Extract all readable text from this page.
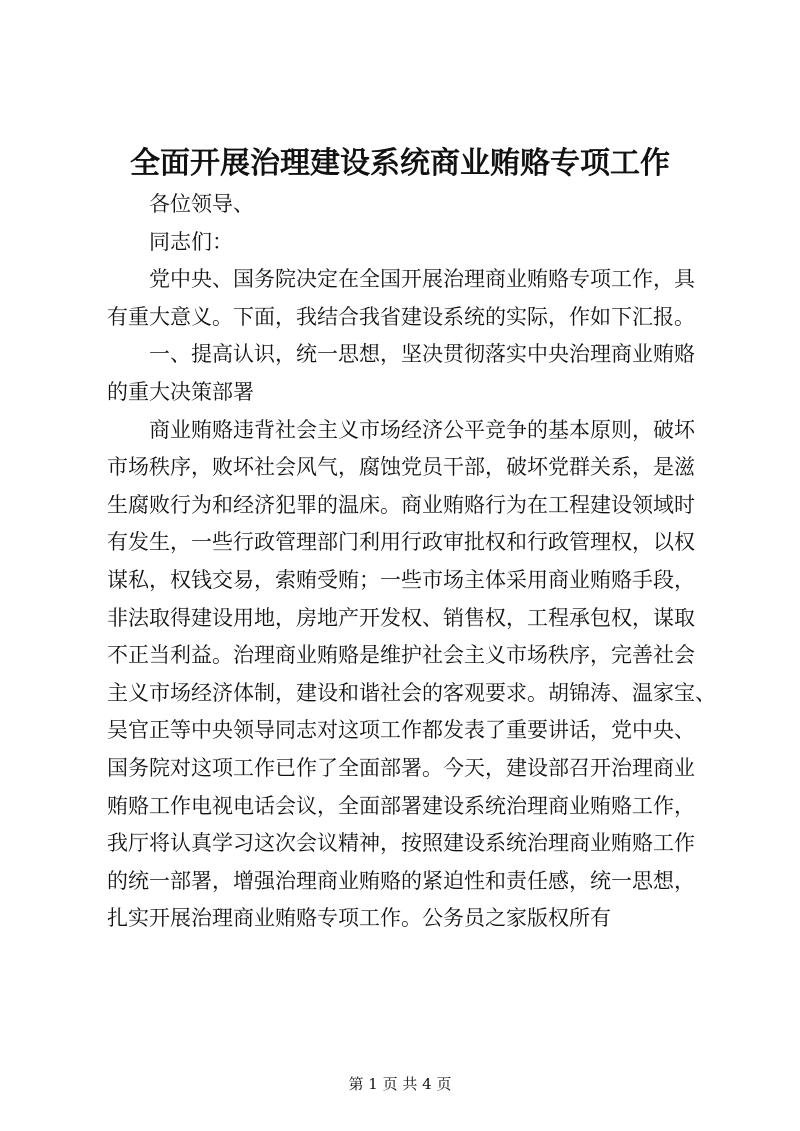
全面开展治理建设系统商业贿赂专项工作
各位领导、
同志们：
党中央、国务院决定在全国开展治理商业贿赂专项工作，具
有重大意义。下面，我结合我省建设系统的实际，作如下汇报。
一、提高认识，统一思想，坚决贯彻落实中央治理商业贿赂
的重大决策部署
商业贿赂违背社会主义市场经济公平竞争的基本原则，破坏
市场秩序，败坏社会风气，腐蚀党员干部，破坏党群关系，是滋
生腐败行为和经济犯罪的温床。商业贿赂行为在工程建设领域时
有发生，一些行政管理部门利用行政审批权和行政管理权，以权
谋私，权钱交易，索贿受贿；一些市场主体采用商业贿赂手段，
非法取得建设用地，房地产开发权、销售权，工程承包权，谋取
不正当利益。治理商业贿赂是维护社会主义市场秩序，完善社会
主义市场经济体制，建设和谐社会的客观要求。胡锦涛、温家宝、
吴官正等中央领导同志对这项工作都发表了重要讲话，党中央、
国务院对这项工作已作了全面部署。今天，建设部召开治理商业
贿赂工作电视电话会议，全面部署建设系统治理商业贿赂工作，
我厅将认真学习这次会议精神，按照建设系统治理商业贿赂工作
的统一部署，增强治理商业贿赂的紧迫性和责任感，统一思想，
扎实开展治理商业贿赂专项工作。公务员之家版权所有
第 1 页 共 4 页
